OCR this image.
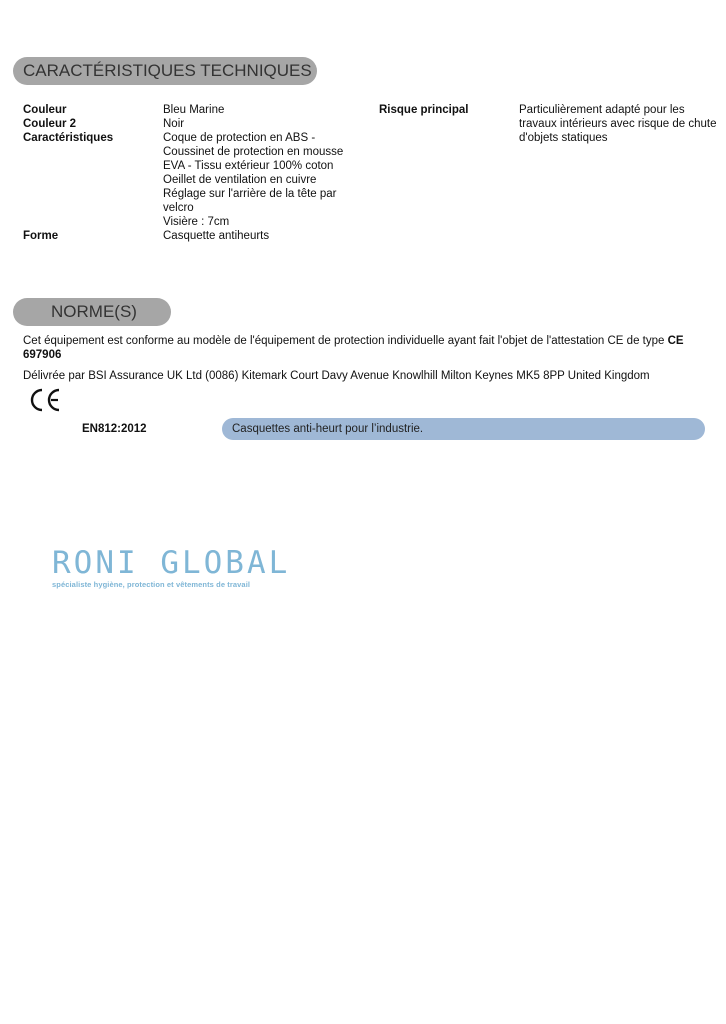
CARACTÉRISTIQUES TECHNIQUES
Couleur	Bleu Marine
Couleur 2	Noir
Caractéristiques	Coque de protection en ABS -
Coussinet de protection en mousse
EVA - Tissu extérieur 100% coton
Oeillet de ventilation en cuivre
Réglage sur l'arrière de la tête par
velcro
Visière : 7cm
Forme	Casquette antiheurts
Risque principal	Particulièrement adapté pour les
travaux intérieurs avec risque de chute
d'objets statiques
NORME(S)
Cet équipement est conforme au modèle de l'équipement de protection individuelle ayant fait l'objet de l'attestation CE de type CE 697906
Délivrée par BSI Assurance UK Ltd (0086) Kitemark Court Davy Avenue Knowlhill Milton Keynes MK5 8PP United Kingdom
EN812:2012	Casquettes anti-heurt pour l’industrie.
RONI GLOBAL
spécialiste hygiène, protection et vêtements de travail
